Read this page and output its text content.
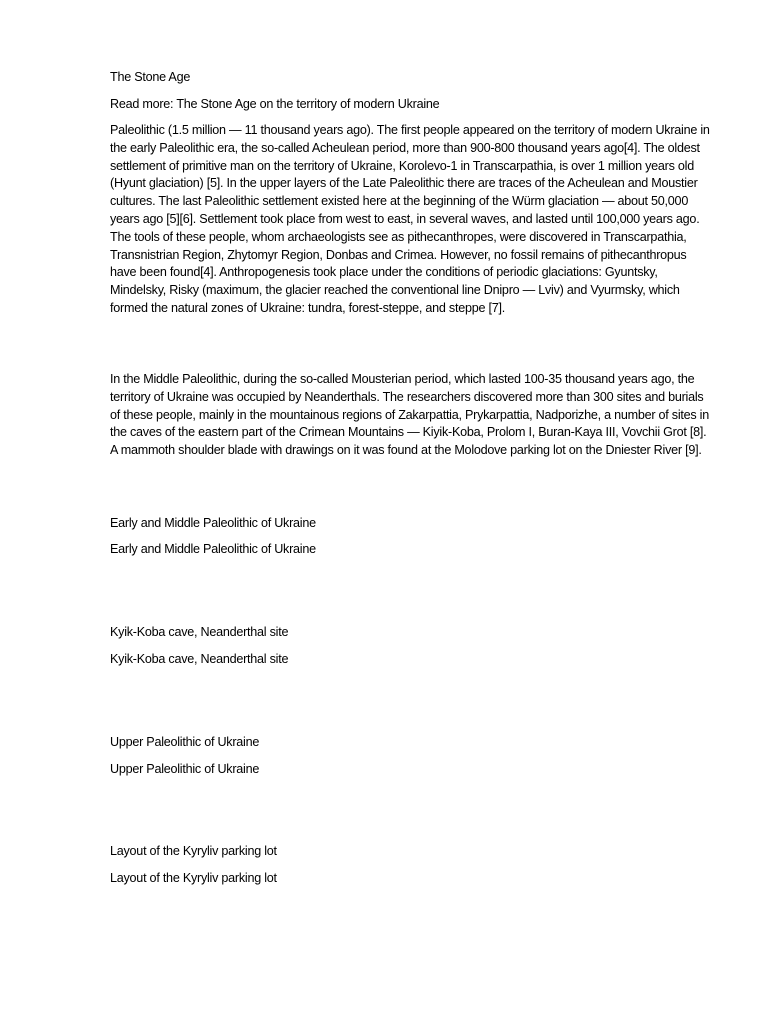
The Stone Age

Read more: The Stone Age on the territory of modern Ukraine

Paleolithic (1.5 million — 11 thousand years ago). The first people appeared on the territory of modern Ukraine in the early Paleolithic era, the so-called Acheulean period, more than 900-800 thousand years ago[4]. The oldest settlement of primitive man on the territory of Ukraine, Korolevo-1 in Transcarpathia, is over 1 million years old (Hyunt glaciation) [5]. In the upper layers of the Late Paleolithic there are traces of the Acheulean and Moustier cultures. The last Paleolithic settlement existed here at the beginning of the Würm glaciation — about 50,000 years ago [5][6]. Settlement took place from west to east, in several waves, and lasted until 100,000 years ago. The tools of these people, whom archaeologists see as pithecanthropes, were discovered in Transcarpathia, Transnistrian Region, Zhytomyr Region, Donbas and Crimea. However, no fossil remains of pithecanthropus have been found[4]. Anthropogenesis took place under the conditions of periodic glaciations: Gyuntsky, Mindelsky, Risky (maximum, the glacier reached the conventional line Dnipro — Lviv) and Vyurmsky, which formed the natural zones of Ukraine: tundra, forest-steppe, and steppe [7].

In the Middle Paleolithic, during the so-called Mousterian period, which lasted 100-35 thousand years ago, the territory of Ukraine was occupied by Neanderthals. The researchers discovered more than 300 sites and burials of these people, mainly in the mountainous regions of Zakarpattia, Prykarpattia, Nadporizhe, a number of sites in the caves of the eastern part of the Crimean Mountains — Kiyik-Koba, Prolom I, Buran-Kaya III, Vovchii Grot [8]. A mammoth shoulder blade with drawings on it was found at the Molodove parking lot on the Dniester River [9].

Early and Middle Paleolithic of Ukraine

Early and Middle Paleolithic of Ukraine

Kyik-Koba cave, Neanderthal site

Kyik-Koba cave, Neanderthal site

Upper Paleolithic of Ukraine

Upper Paleolithic of Ukraine

Layout of the Kyryliv parking lot

Layout of the Kyryliv parking lot
